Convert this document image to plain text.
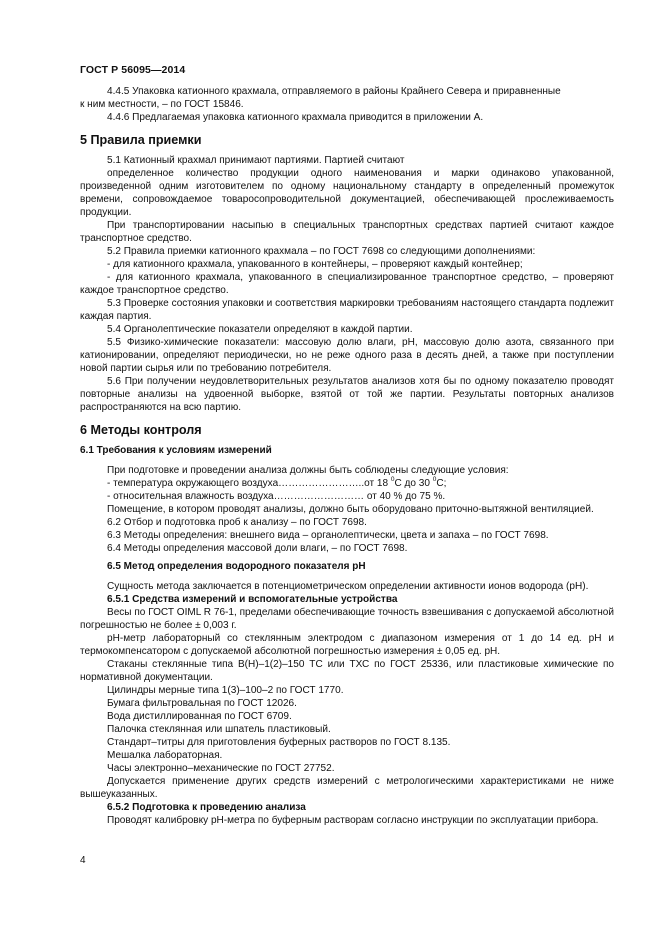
ГОСТ Р 56095—2014

4.4.5 Упаковка катионного крахмала, отправляемого в районы Крайнего Севера и приравненные

к ним местности, – по ГОСТ 15846.

4.4.6 Предлагаемая упаковка катионного крахмала приводится в приложении А.

5 Правила приемки

5.1 Катионный крахмал принимают партиями. Партией считают

определенное количество продукции одного наименования и марки одинаково упакованной, произведенной одним изготовителем по одному национальному стандарту в определенный промежуток времени, сопровождаемое товаросопроводительной документацией, обеспечивающей прослеживаемость продукции.

При транспортировании насыпью в специальных транспортных средствах партией считают каждое транспортное средство.

5.2 Правила приемки катионного крахмала – по ГОСТ 7698 со следующими дополнениями:

- для катионного крахмала, упакованного в контейнеры, – проверяют каждый контейнер;

- для катионного крахмала, упакованного в специализированное транспортное средство, – проверяют каждое транспортное средство.

5.3 Проверке состояния упаковки и соответствия маркировки требованиям настоящего стандарта подлежит каждая партия.

5.4 Органолептические показатели определяют в каждой партии.

5.5 Физико-химические показатели: массовую долю влаги, рН, массовую долю азота, связанного при катионировании, определяют периодически, но не реже одного раза в десять дней, а также при поступлении новой партии сырья или по требованию потребителя.

5.6 При получении неудовлетворительных результатов анализов хотя бы по одному показателю проводят повторные анализы на удвоенной выборке, взятой от той же партии. Результаты повторных анализов распространяются на всю партию.

6 Методы контроля
6.1 Требования к условиям измерений

При подготовке и проведении анализа должны быть соблюдены следующие условия:

- температура окружающего воздуха……………………..от 18 $^0$С до 30 $^0$С;

- относительная влажность воздуха……………………… от 40 % до 75 %.

Помещение, в котором проводят анализы, должно быть оборудовано приточно-вытяжной вентиляцией.

6.2 Отбор и подготовка проб к анализу – по ГОСТ 7698.

6.3 Методы определения: внешнего вида – органолептически, цвета и запаха – по ГОСТ 7698.

6.4 Методы определения массовой доли влаги, – по ГОСТ 7698.

6.5 Метод определения водородного показателя рН

Сущность метода заключается в потенциометрическом определении активности ионов водорода (рН).

6.5.1 Средства измерений и вспомогательные устройства

Весы по ГОСТ OIML R 76-1, пределами обеспечивающие точность взвешивания с допускаемой абсолютной погрешностью не более ± 0,003 г.

рН-метр лабораторный со стеклянным электродом с диапазоном измерения от 1 до 14 ед. рН и термокомпенсатором с допускаемой абсолютной погрешностью измерения ± 0,05 ед. рН.

Стаканы стеклянные типа В(Н)–1(2)–150 ТС или ТХС по ГОСТ 25336, или пластиковые химические по нормативной документации.

Цилиндры мерные типа 1(3)–100–2 по ГОСТ 1770.

Бумага фильтровальная по ГОСТ 12026.

Вода дистиллированная по ГОСТ 6709.

Палочка стеклянная или шпатель пластиковый.

Стандарт–титры для приготовления буферных растворов по ГОСТ 8.135.

Мешалка лабораторная.

Часы электронно–механические по ГОСТ 27752.

Допускается применение других средств измерений с метрологическими характеристиками не ниже вышеуказанных.

6.5.2 Подготовка к проведению анализа

Проводят калибровку рН-метра по буферным растворам согласно инструкции по эксплуатации прибора.

4
